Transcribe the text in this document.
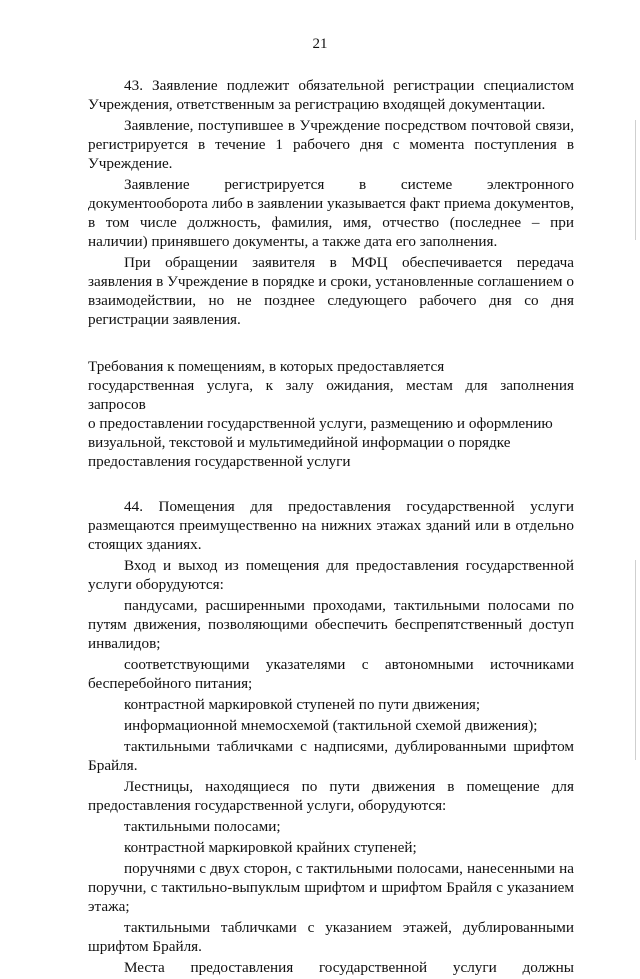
21

43. Заявление подлежит обязательной регистрации специалистом Учреждения, ответственным за регистрацию входящей документации.

Заявление, поступившее в Учреждение посредством почтовой связи, регистрируется в течение 1 рабочего дня с момента поступления в Учреждение.

Заявление регистрируется в системе электронного документооборота либо в заявлении указывается факт приема документов, в том числе должность, фамилия, имя, отчество (последнее – при наличии) принявшего документы, а также дата его заполнения.

При обращении заявителя в МФЦ обеспечивается передача заявления в Учреждение в порядке и сроки, установленные соглашением о взаимодействии, но не позднее следующего рабочего дня со дня регистрации заявления.

Требования к помещениям, в которых предоставляется
государственная услуга, к залу ожидания, местам для заполнения запросов
о предоставлении государственной услуги, размещению и оформлению
визуальной, текстовой и мультимедийной информации о порядке
предоставления государственной услуги

44. Помещения для предоставления государственной услуги размещаются преимущественно на нижних этажах зданий или в отдельно стоящих зданиях.

Вход и выход из помещения для предоставления государственной услуги оборудуются:

пандусами, расширенными проходами, тактильными полосами по путям движения, позволяющими обеспечить беспрепятственный доступ инвалидов;

соответствующими указателями с автономными источниками бесперебойного питания;

контрастной маркировкой ступеней по пути движения;

информационной мнемосхемой (тактильной схемой движения);

тактильными табличками с надписями, дублированными шрифтом Брайля.

Лестницы, находящиеся по пути движения в помещение для предоставления государственной услуги, оборудуются:

тактильными полосами;

контрастной маркировкой крайних ступеней;

поручнями с двух сторон, с тактильными полосами, нанесенными на поручни, с тактильно-выпуклым шрифтом и шрифтом Брайля с указанием этажа;

тактильными табличками с указанием этажей, дублированными шрифтом Брайля.

Места предоставления государственной услуги должны
